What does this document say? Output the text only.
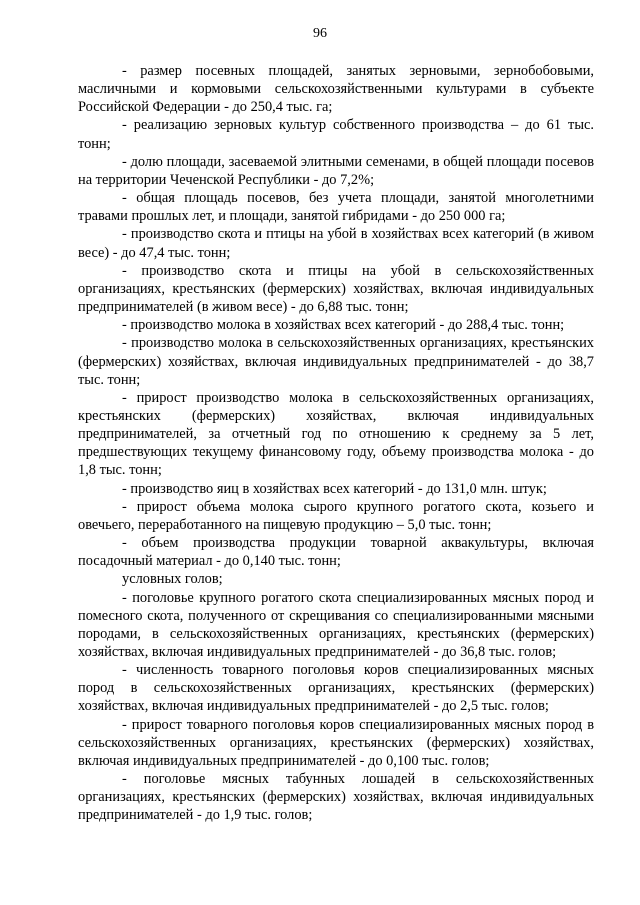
96

- размер посевных площадей, занятых зерновыми, зернобобовыми, масличными и кормовыми сельскохозяйственными культурами в субъекте Российской Федерации - до 250,4 тыс. га;

- реализацию зерновых культур собственного производства – до 61 тыс. тонн;

- долю площади, засеваемой элитными семенами, в общей площади посевов на территории Чеченской Республики - до 7,2%;

- общая площадь посевов, без учета площади, занятой многолетними травами прошлых лет, и площади, занятой гибридами - до 250 000 га;

- производство скота и птицы на убой в хозяйствах всех категорий (в живом весе) - до 47,4 тыс. тонн;

- производство скота и птицы на убой в сельскохозяйственных организациях, крестьянских (фермерских) хозяйствах, включая индивидуальных предпринимателей (в живом весе) - до 6,88 тыс. тонн;

- производство молока в хозяйствах всех категорий - до 288,4 тыс. тонн;

- производство молока в сельскохозяйственных организациях, крестьянских (фермерских) хозяйствах, включая индивидуальных предпринимателей - до 38,7 тыс. тонн;

- прирост производство молока в сельскохозяйственных организациях, крестьянских (фермерских) хозяйствах, включая индивидуальных предпринимателей, за отчетный год по отношению к среднему за 5 лет, предшествующих текущему финансовому году, объему производства молока - до 1,8 тыс. тонн;

- производство яиц в хозяйствах всех категорий - до 131,0 млн. штук;

- прирост объема молока сырого крупного рогатого скота, козьего и овечьего, переработанного на пищевую продукцию – 5,0 тыс. тонн;

- объем производства продукции товарной аквакультуры, включая посадочный материал - до 0,140 тыс. тонн;

условных голов;

- поголовье крупного рогатого скота специализированных мясных пород и помесного скота, полученного от скрещивания со специализированными мясными породами, в сельскохозяйственных организациях, крестьянских (фермерских) хозяйствах, включая индивидуальных предпринимателей - до 36,8 тыс. голов;

- численность товарного поголовья коров специализированных мясных пород в сельскохозяйственных организациях, крестьянских (фермерских) хозяйствах, включая индивидуальных предпринимателей - до 2,5 тыс. голов;

- прирост товарного поголовья коров специализированных мясных пород в сельскохозяйственных организациях, крестьянских (фермерских) хозяйствах, включая индивидуальных предпринимателей - до 0,100 тыс. голов;

- поголовье мясных табунных лошадей в сельскохозяйственных организациях, крестьянских (фермерских) хозяйствах, включая индивидуальных предпринимателей - до 1,9 тыс. голов;
